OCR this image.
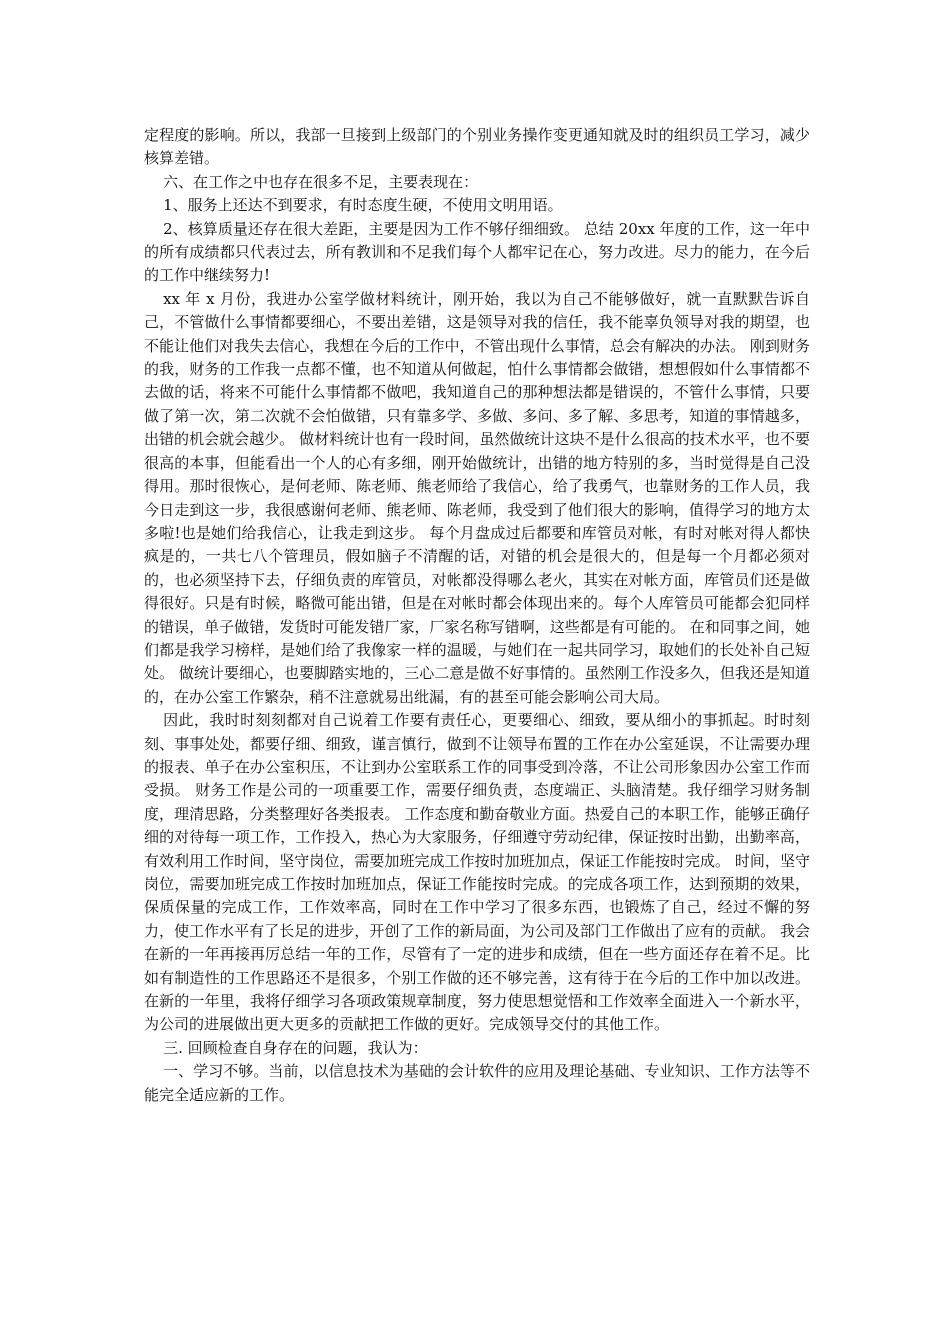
定程度的影响。所以，我部一旦接到上级部门的个别业务操作变更通知就及时的组织员工学习，减少核算差错。

六、在工作之中也存在很多不足，主要表现在：

1、服务上还达不到要求，有时态度生硬，不使用文明用语。

2、核算质量还存在很大差距，主要是因为工作不够仔细细致。 总结 20xx 年度的工作，这一年中的所有成绩都只代表过去，所有教训和不足我们每个人都牢记在心，努力改进。尽力的能力，在今后的工作中继续努力!

xx 年 x 月份，我进办公室学做材料统计，刚开始，我以为自己不能够做好，就一直默默告诉自己，不管做什么事情都要细心，不要出差错，这是领导对我的信任，我不能辜负领导对我的期望，也不能让他们对我失去信心，我想在今后的工作中，不管出现什么事情，总会有解决的办法。 刚到财务的我，财务的工作我一点都不懂，也不知道从何做起，怕什么事情都会做错，想想假如什么事情都不去做的话，将来不可能什么事情都不做吧，我知道自己的那种想法都是错误的，不管什么事情，只要做了第一次，第二次就不会怕做错，只有靠多学、多做、多问、多了解、多思考，知道的事情越多，出错的机会就会越少。 做材料统计也有一段时间，虽然做统计这块不是什么很高的技术水平，也不要很高的本事，但能看出一个人的心有多细，刚开始做统计，出错的地方特别的多，当时觉得是自己没得用。那时很恢心，是何老师、陈老师、熊老师给了我信心，给了我勇气，也靠财务的工作人员，我今日走到这一步，我很感谢何老师、熊老师、陈老师，我受到了他们很大的影响，值得学习的地方太多啦!也是她们给我信心，让我走到这步。 每个月盘成过后都要和库管员对帐，有时对帐对得人都快疯是的，一共七八个管理员，假如脑子不清醒的话，对错的机会是很大的，但是每一个月都必须对的，也必须坚持下去，仔细负责的库管员，对帐都没得哪么老火，其实在对帐方面，库管员们还是做得很好。只是有时候，略微可能出错，但是在对帐时都会体现出来的。每个人库管员可能都会犯同样的错误，单子做错，发货时可能发错厂家，厂家名称写错啊，这些都是有可能的。 在和同事之间，她们都是我学习榜样，是她们给了我像家一样的温暖，与她们在一起共同学习，取她们的长处补自己短处。 做统计要细心，也要脚踏实地的，三心二意是做不好事情的。虽然刚工作没多久，但我还是知道的，在办公室工作繁杂，稍不注意就易出纰漏，有的甚至可能会影响公司大局。

因此，我时时刻刻都对自己说着工作要有责任心，更要细心、细致，要从细小的事抓起。时时刻刻、事事处处，都要仔细、细致，谨言慎行，做到不让领导布置的工作在办公室延误，不让需要办理的报表、单子在办公室积压，不让到办公室联系工作的同事受到冷落，不让公司形象因办公室工作而受损。 财务工作是公司的一项重要工作，需要仔细负责，态度端正、头脑清楚。我仔细学习财务制度，理清思路，分类整理好各类报表。 工作态度和勤奋敬业方面。热爱自己的本职工作，能够正确仔细的对待每一项工作，工作投入，热心为大家服务，仔细遵守劳动纪律，保证按时出勤，出勤率高，有效利用工作时间，坚守岗位，需要加班完成工作按时加班加点，保证工作能按时完成。 时间，坚守岗位，需要加班完成工作按时加班加点，保证工作能按时完成。的完成各项工作，达到预期的效果，保质保量的完成工作，工作效率高，同时在工作中学习了很多东西，也锻炼了自己，经过不懈的努力，使工作水平有了长足的进步，开创了工作的新局面，为公司及部门工作做出了应有的贡献。 我会在新的一年再接再厉总结一年的工作，尽管有了一定的进步和成绩，但在一些方面还存在着不足。比如有制造性的工作思路还不是很多，个别工作做的还不够完善，这有待于在今后的工作中加以改进。在新的一年里，我将仔细学习各项政策规章制度，努力使思想觉悟和工作效率全面进入一个新水平，为公司的进展做出更大更多的贡献把工作做的更好。完成领导交付的其他工作。

三. 回顾检查自身存在的问题，我认为：

一、学习不够。当前，以信息技术为基础的会计软件的应用及理论基础、专业知识、工作方法等不能完全适应新的工作。
